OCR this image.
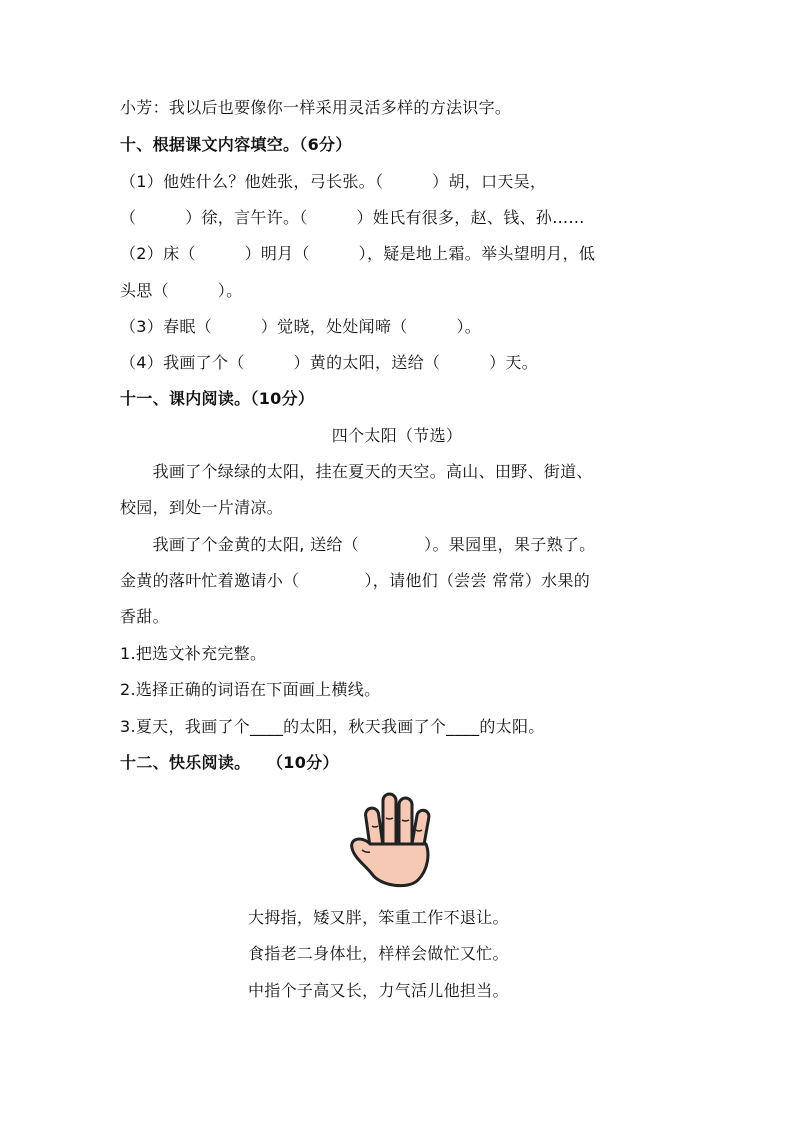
小芳：我以后也要像你一样采用灵活多样的方法识字。
十、根据课文内容填空。（6分）
（1）他姓什么？他姓张，弓长张。（　　　）胡，口天吴，
（　　　）徐，言午许。（　　　）姓氏有很多，赵、钱、孙……
（2）床（　　　）明月（　　　），疑是地上霜。举头望明月，低
头思（　　　）。
（3）春眠（　　　）觉晓，处处闻啼（　　　）。
（4）我画了个（　　　）黄的太阳，送给（　　　）天。
十一、课内阅读。（10分）
四个太阳（节选）
　　我画了个绿绿的太阳，挂在夏天的天空。高山、田野、街道、
校园，到处一片清凉。
　　我画了个金黄的太阳, 送给（　　　　）。果园里，果子熟了。
金黄的落叶忙着邀请小（　　　　），请他们（尝尝 常常）水果的
香甜。
1.把选文补充完整。
2.选择正确的词语在下面画上横线。
3.夏天，我画了个____的太阳，秋天我画了个____的太阳。
十二、快乐阅读。　　（10分）
大拇指，矮又胖，笨重工作不退让。
食指老二身体壮，样样会做忙又忙。
中指个子高又长，力气活儿他担当。
